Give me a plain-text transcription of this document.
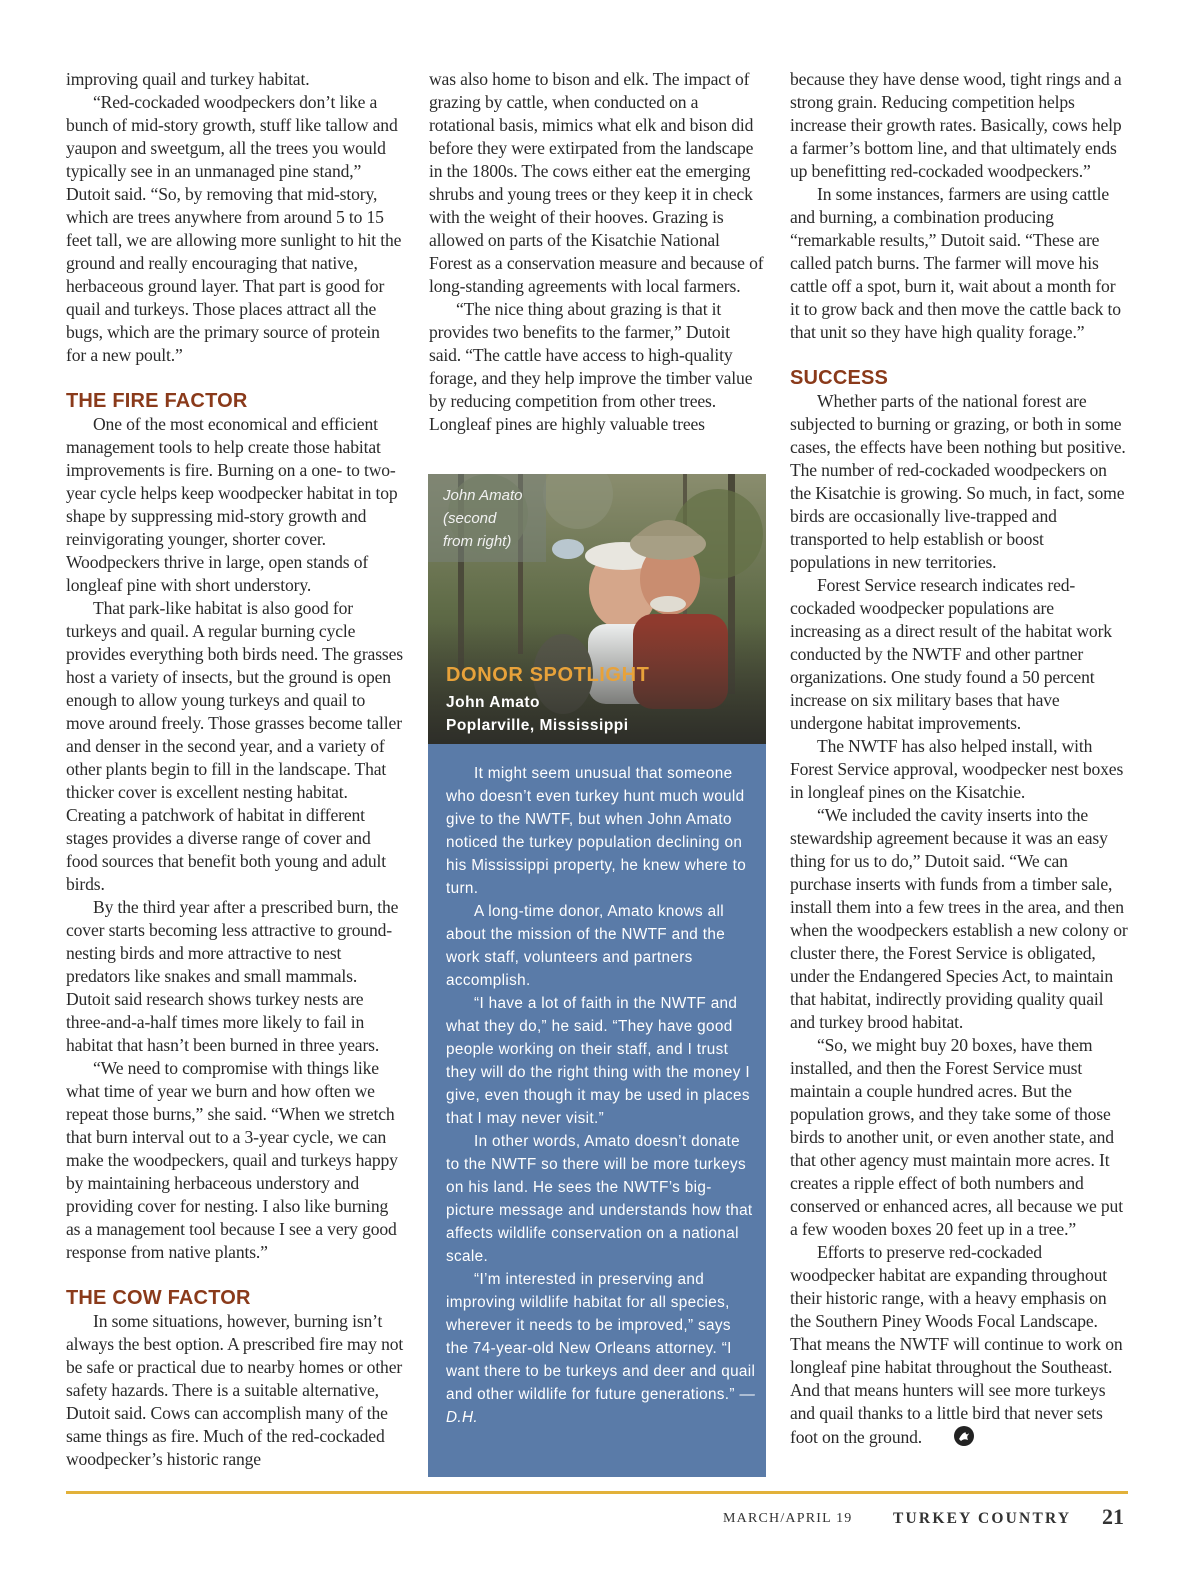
improving quail and turkey habitat.

“Red-cockaded woodpeckers don’t like a bunch of mid-story growth, stuff like tallow and yaupon and sweetgum, all the trees you would typically see in an unmanaged pine stand,” Dutoit said. “So, by removing that mid-story, which are trees anywhere from around 5 to 15 feet tall, we are allowing more sunlight to hit the ground and really encouraging that native, herbaceous ground layer. That part is good for quail and turkeys. Those places attract all the bugs, which are the primary source of protein for a new poult.”

THE FIRE FACTOR

One of the most economical and efficient management tools to help create those habitat improvements is fire. Burning on a one- to two-year cycle helps keep woodpecker habitat in top shape by suppressing mid-story growth and reinvigorating younger, shorter cover. Woodpeckers thrive in large, open stands of longleaf pine with short understory.

That park-like habitat is also good for turkeys and quail. A regular burning cycle provides everything both birds need. The grasses host a variety of insects, but the ground is open enough to allow young turkeys and quail to move around freely. Those grasses become taller and denser in the second year, and a variety of other plants begin to fill in the landscape. That thicker cover is excellent nesting habitat. Creating a patchwork of habitat in different stages provides a diverse range of cover and food sources that benefit both young and adult birds.

By the third year after a prescribed burn, the cover starts becoming less attractive to ground-nesting birds and more attractive to nest predators like snakes and small mammals. Dutoit said research shows turkey nests are three-and-a-half times more likely to fail in habitat that hasn’t been burned in three years.

“We need to compromise with things like what time of year we burn and how often we repeat those burns,” she said. “When we stretch that burn interval out to a 3-year cycle, we can make the woodpeckers, quail and turkeys happy by maintaining herbaceous understory and providing cover for nesting. I also like burning as a management tool because I see a very good response from native plants.”

THE COW FACTOR

In some situations, however, burning isn’t always the best option. A prescribed fire may not be safe or practical due to nearby homes or other safety hazards. There is a suitable alternative, Dutoit said. Cows can accomplish many of the same things as fire. Much of the red-cockaded woodpecker’s historic range

was also home to bison and elk. The impact of grazing by cattle, when conducted on a rotational basis, mimics what elk and bison did before they were extirpated from the landscape in the 1800s. The cows either eat the emerging shrubs and young trees or they keep it in check with the weight of their hooves. Grazing is allowed on parts of the Kisatchie National Forest as a conservation measure and because of long-standing agreements with local farmers.

“The nice thing about grazing is that it provides two benefits to the farmer,” Dutoit said. “The cattle have access to high-quality forage, and they help improve the timber value by reducing competition from other trees. Longleaf pines are highly valuable trees

John Amato
(second
from right)
DONOR SPOTLIGHT
John Amato
Poplarville, Mississippi

It might seem unusual that someone who doesn’t even turkey hunt much would give to the NWTF, but when John Amato noticed the turkey population declining on his Mississippi property, he knew where to turn.

A long-time donor, Amato knows all about the mission of the NWTF and the work staff, volunteers and partners accomplish.

“I have a lot of faith in the NWTF and what they do,” he said. “They have good people working on their staff, and I trust they will do the right thing with the money I give, even though it may be used in places that I may never visit.”

In other words, Amato doesn’t donate to the NWTF so there will be more turkeys on his land. He sees the NWTF’s big-picture message and understands how that affects wildlife conservation on a national scale.

“I’m interested in preserving and improving wildlife habitat for all species, wherever it needs to be improved,” says the 74-year-old New Orleans attorney. “I want there to be turkeys and deer and quail and other wildlife for future generations.” — D.H.

because they have dense wood, tight rings and a strong grain. Reducing competition helps increase their growth rates. Basically, cows help a farmer’s bottom line, and that ultimately ends up benefitting red-cockaded woodpeckers.”

In some instances, farmers are using cattle and burning, a combination producing “remarkable results,” Dutoit said. “These are called patch burns. The farmer will move his cattle off a spot, burn it, wait about a month for it to grow back and then move the cattle back to that unit so they have high quality forage.”

SUCCESS

Whether parts of the national forest are subjected to burning or grazing, or both in some cases, the effects have been nothing but positive. The number of red-cockaded woodpeckers on the Kisatchie is growing. So much, in fact, some birds are occasionally live-trapped and transported to help establish or boost populations in new territories.

Forest Service research indicates red-cockaded woodpecker populations are increasing as a direct result of the habitat work conducted by the NWTF and other partner organizations. One study found a 50 percent increase on six military bases that have undergone habitat improvements.

The NWTF has also helped install, with Forest Service approval, woodpecker nest boxes in longleaf pines on the Kisatchie.

“We included the cavity inserts into the stewardship agreement because it was an easy thing for us to do,” Dutoit said. “We can purchase inserts with funds from a timber sale, install them into a few trees in the area, and then when the woodpeckers establish a new colony or cluster there, the Forest Service is obligated, under the Endangered Species Act, to maintain that habitat, indirectly providing quality quail and turkey brood habitat.

“So, we might buy 20 boxes, have them installed, and then the Forest Service must maintain a couple hundred acres. But the population grows, and they take some of those birds to another unit, or even another state, and that other agency must maintain more acres. It creates a ripple effect of both numbers and conserved or enhanced acres, all because we put a few wooden boxes 20 feet up in a tree.”

Efforts to preserve red-cockaded woodpecker habitat are expanding throughout their historic range, with a heavy emphasis on the Southern Piney Woods Focal Landscape. That means the NWTF will continue to work on longleaf pine habitat throughout the Southeast. And that means hunters will see more turkeys and quail thanks to a little bird that never sets foot on the ground.

MARCH/APRIL 19	TURKEY COUNTRY 21
